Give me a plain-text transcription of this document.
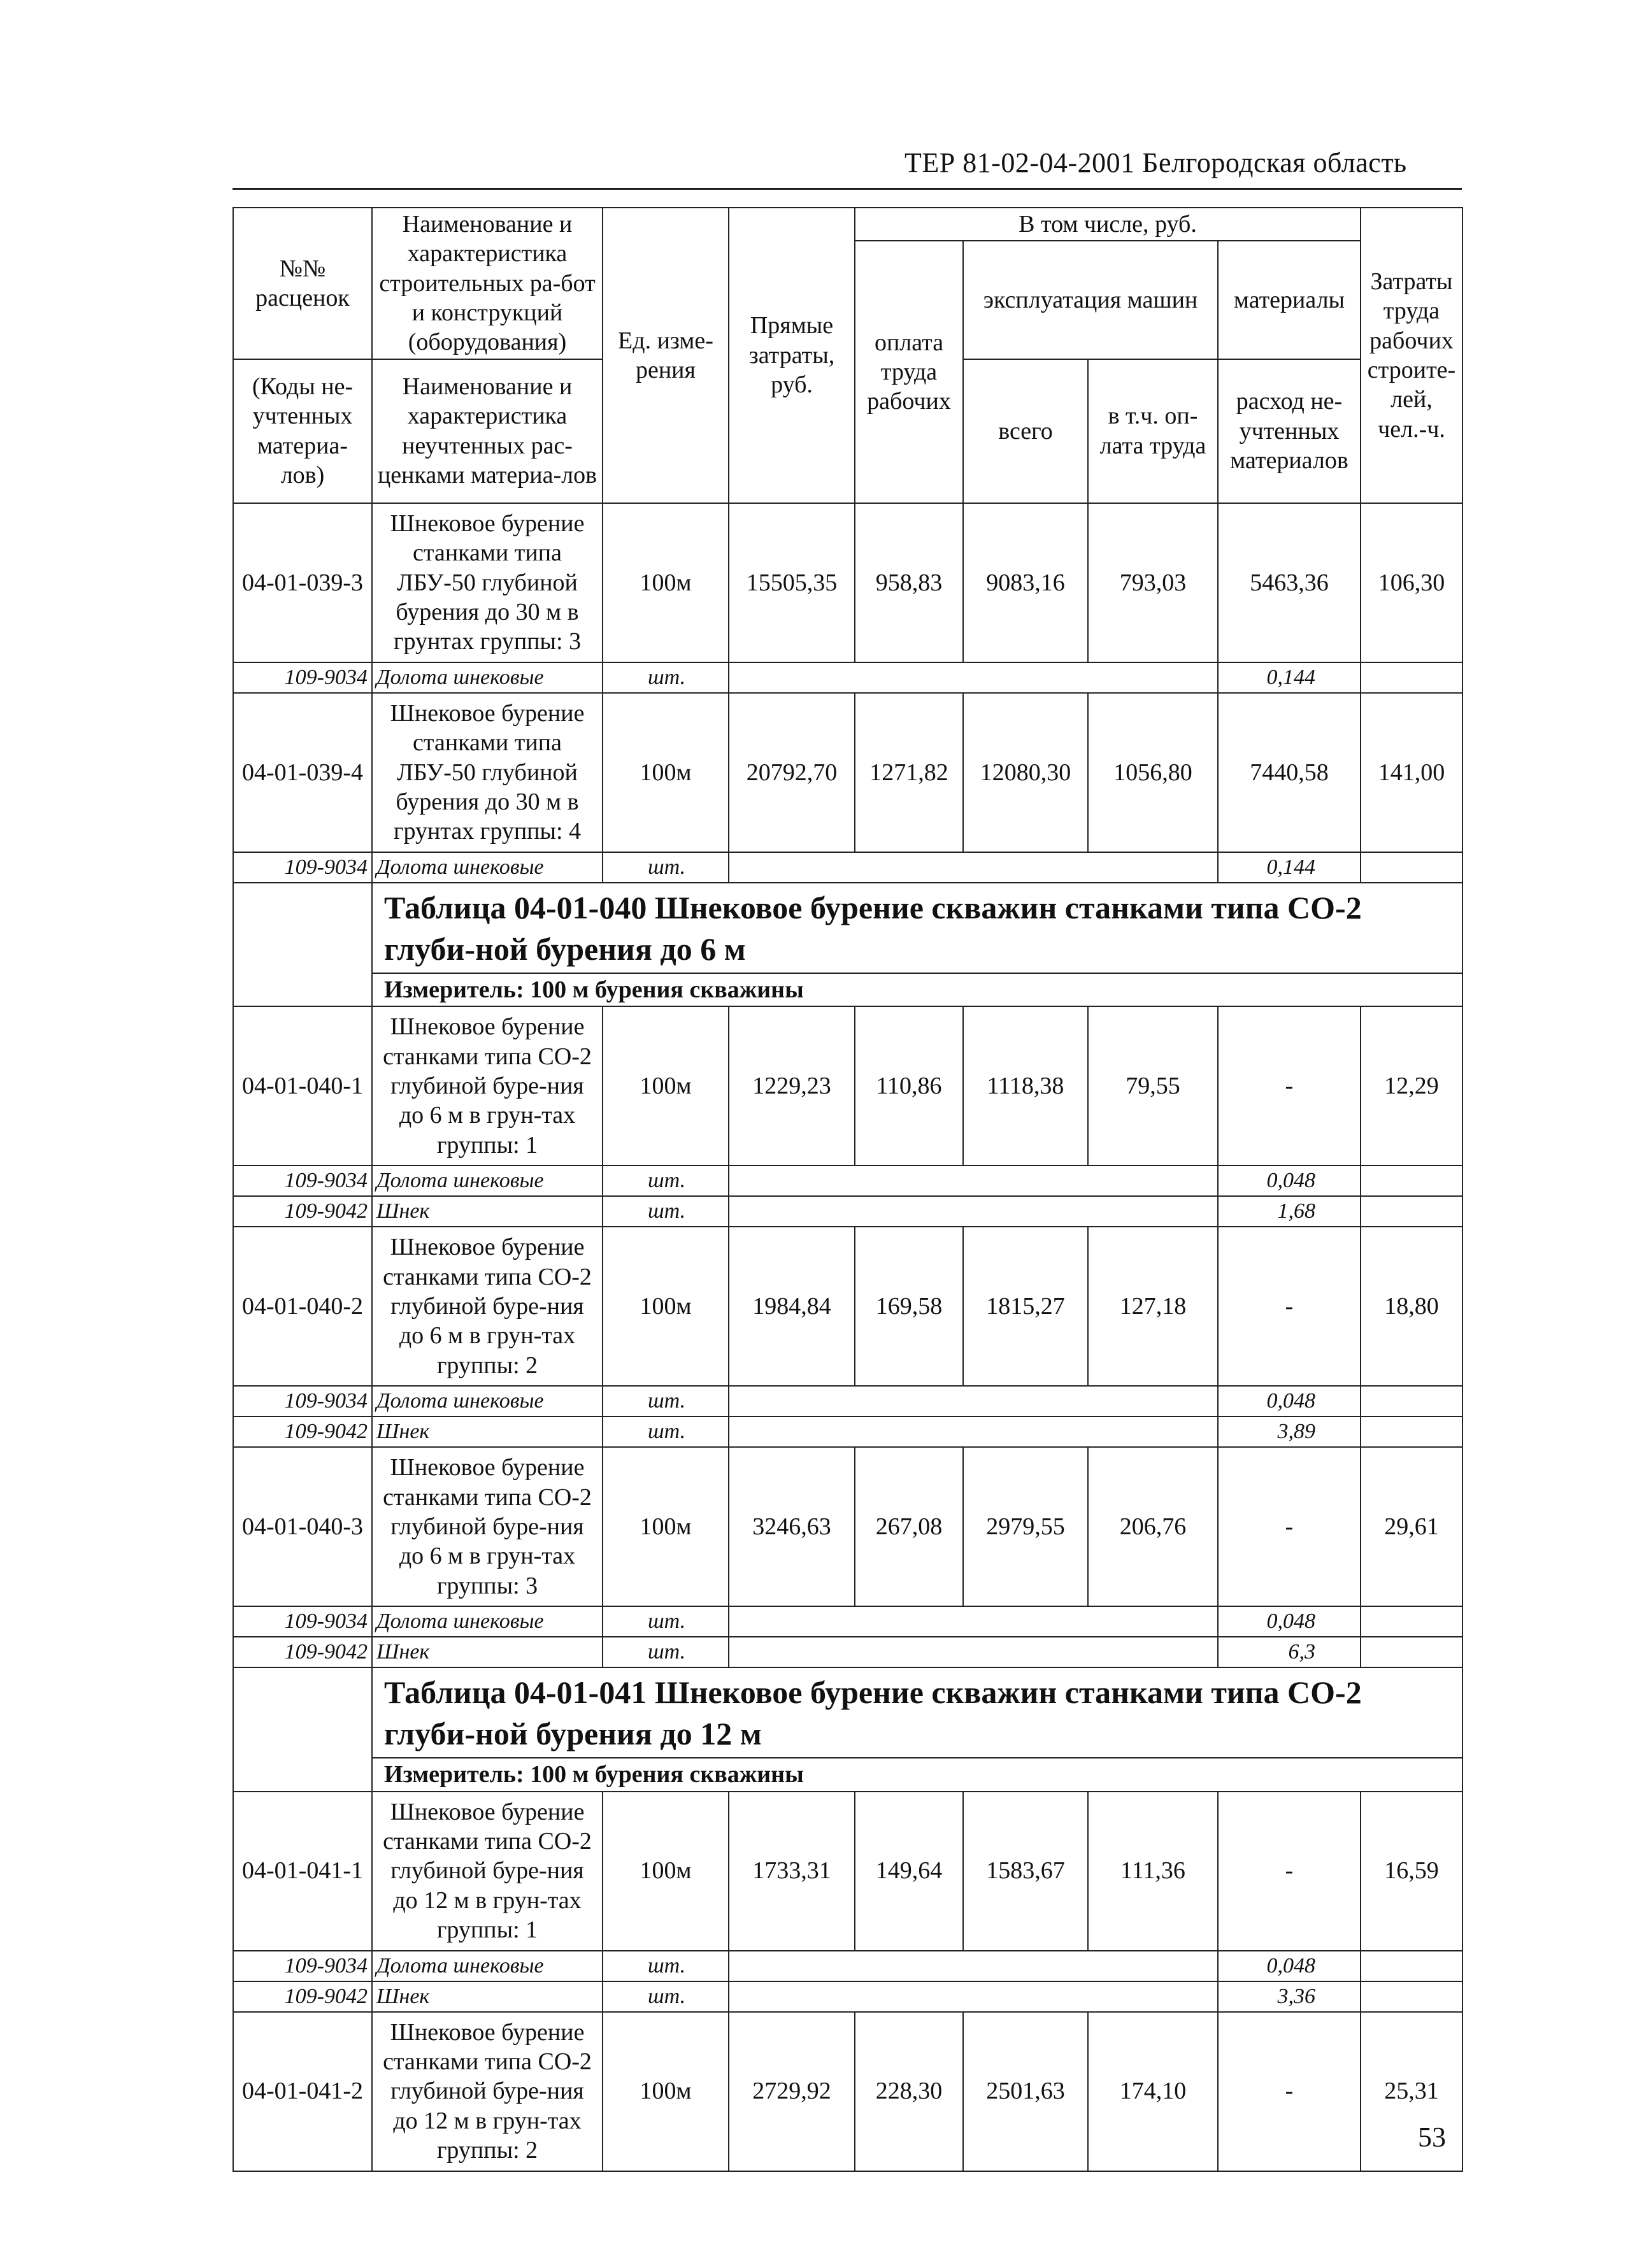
ТЕР 81-02-04-2001 Белгородская область
№№ расценок	Наименование и характеристика строительных ра-бот и конструкций (оборудования)	Ед. изме-рения	Прямые затраты, руб.	В том числе, руб.				Затраты труда рабочих строите-лей, чел.-ч.
				оплата труда рабочих	эксплуатация машин		материалы	
(Коды не-учтенных материа-лов)	Наименование и характеристика неучтенных рас-ценками материа-лов				всего	в т.ч. оп-лата труда	расход не-учтенных материалов	
04-01-039-3	Шнековое бурение станками типа ЛБУ-50 глубиной бурения до 30 м в грунтах группы: 3	100м	15505,35	958,83	9083,16	793,03	5463,36	106,30
109-9034	Долота шнековые	шт.					0,144	
04-01-039-4	Шнековое бурение станками типа ЛБУ-50 глубиной бурения до 30 м в грунтах группы: 4	100м	20792,70	1271,82	12080,30	1056,80	7440,58	141,00
109-9034	Долота шнековые	шт.					0,144	
	Таблица 04-01-040 Шнековое бурение скважин станками типа СО-2 глуби-ной бурения до 6 м							
	Измеритель: 100 м бурения скважины							
04-01-040-1	Шнековое бурение станками типа СО-2 глубиной буре-ния до 6 м в грун-тах группы: 1	100м	1229,23	110,86	1118,38	79,55	-	12,29
109-9034	Долота шнековые	шт.					0,048	
109-9042	Шнек	шт.					1,68	
04-01-040-2	Шнековое бурение станками типа СО-2 глубиной буре-ния до 6 м в грун-тах группы: 2	100м	1984,84	169,58	1815,27	127,18	-	18,80
109-9034	Долота шнековые	шт.					0,048	
109-9042	Шнек	шт.					3,89	
04-01-040-3	Шнековое бурение станками типа СО-2 глубиной буре-ния до 6 м в грун-тах группы: 3	100м	3246,63	267,08	2979,55	206,76	-	29,61
109-9034	Долота шнековые	шт.					0,048	
109-9042	Шнек	шт.					6,3	
	Таблица 04-01-041 Шнековое бурение скважин станками типа СО-2 глуби-ной бурения до 12 м							
	Измеритель: 100 м бурения скважины							
04-01-041-1	Шнековое бурение станками типа СО-2 глубиной буре-ния до 12 м в грун-тах группы: 1	100м	1733,31	149,64	1583,67	111,36	-	16,59
109-9034	Долота шнековые	шт.					0,048	
109-9042	Шнек	шт.					3,36	
04-01-041-2	Шнековое бурение станками типа СО-2 глубиной буре-ния до 12 м в грун-тах группы: 2	100м	2729,92	228,30	2501,63	174,10	-	25,31
53
